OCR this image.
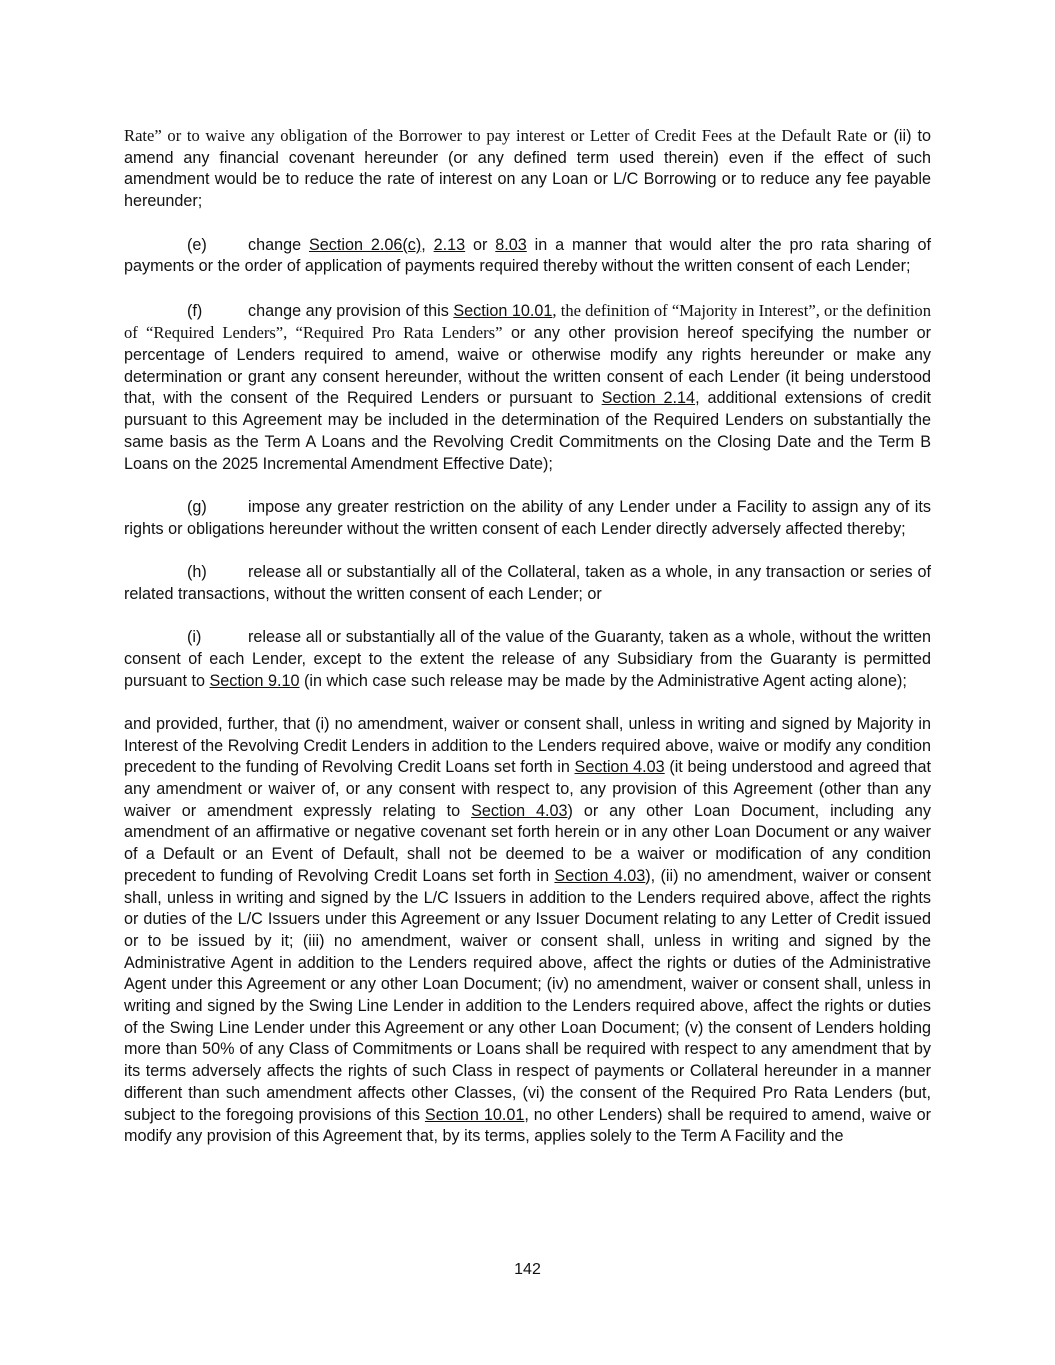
Rate” or to waive any obligation of the Borrower to pay interest or Letter of Credit Fees at the Default Rate or (ii) to amend any financial covenant hereunder (or any defined term used therein) even if the effect of such amendment would be to reduce the rate of interest on any Loan or L/C Borrowing or to reduce any fee payable hereunder;

(e)	change Section 2.06(c), 2.13 or 8.03 in a manner that would alter the pro rata sharing of payments or the order of application of payments required thereby without the written consent of each Lender;

(f)	change any provision of this Section 10.01, the definition of “Majority in Interest”, or the definition of “Required Lenders”, “Required Pro Rata Lenders” or any other provision hereof specifying the number or percentage of Lenders required to amend, waive or otherwise modify any rights hereunder or make any determination or grant any consent hereunder, without the written consent of each Lender (it being understood that, with the consent of the Required Lenders or pursuant to Section 2.14, additional extensions of credit pursuant to this Agreement may be included in the determination of the Required Lenders on substantially the same basis as the Term A Loans and the Revolving Credit Commitments on the Closing Date and the Term B Loans on the 2025 Incremental Amendment Effective Date);

(g)	impose any greater restriction on the ability of any Lender under a Facility to assign any of its rights or obligations hereunder without the written consent of each Lender directly adversely affected thereby;

(h)	release all or substantially all of the Collateral, taken as a whole, in any transaction or series of related transactions, without the written consent of each Lender; or

(i)	release all or substantially all of the value of the Guaranty, taken as a whole, without the written consent of each Lender, except to the extent the release of any Subsidiary from the Guaranty is permitted pursuant to Section 9.10 (in which case such release may be made by the Administrative Agent acting alone);

and provided, further, that (i) no amendment, waiver or consent shall, unless in writing and signed by Majority in Interest of the Revolving Credit Lenders in addition to the Lenders required above, waive or modify any condition precedent to the funding of Revolving Credit Loans set forth in Section 4.03 (it being understood and agreed that any amendment or waiver of, or any consent with respect to, any provision of this Agreement (other than any waiver or amendment expressly relating to Section 4.03) or any other Loan Document, including any amendment of an affirmative or negative covenant set forth herein or in any other Loan Document or any waiver of a Default or an Event of Default, shall not be deemed to be a waiver or modification of any condition precedent to funding of Revolving Credit Loans set forth in Section 4.03), (ii) no amendment, waiver or consent shall, unless in writing and signed by the L/C Issuers in addition to the Lenders required above, affect the rights or duties of the L/C Issuers under this Agreement or any Issuer Document relating to any Letter of Credit issued or to be issued by it; (iii) no amendment, waiver or consent shall, unless in writing and signed by the Administrative Agent in addition to the Lenders required above, affect the rights or duties of the Administrative Agent under this Agreement or any other Loan Document; (iv) no amendment, waiver or consent shall, unless in writing and signed by the Swing Line Lender in addition to the Lenders required above, affect the rights or duties of the Swing Line Lender under this Agreement or any other Loan Document; (v) the consent of Lenders holding more than 50% of any Class of Commitments or Loans shall be required with respect to any amendment that by its terms adversely affects the rights of such Class in respect of payments or Collateral hereunder in a manner different than such amendment affects other Classes, (vi) the consent of the Required Pro Rata Lenders (but, subject to the foregoing provisions of this Section 10.01, no other Lenders) shall be required to amend, waive or modify any provision of this Agreement that, by its terms, applies solely to the Term A Facility and the

142
